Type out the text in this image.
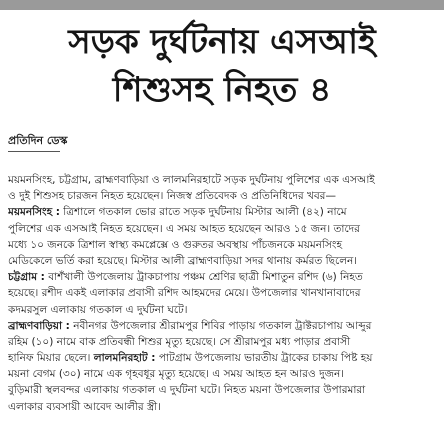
সড়ক দুর্ঘটনায় এসআই
শিশুসহ নিহত ৪
প্রতিদিন ডেস্ক
ময়মনসিংহ, চট্টগ্রাম, ব্রাহ্মণবাড়িয়া ও লালমনিরহাটে সড়ক দুর্ঘটনায় পুলিশের এক এসআই
ও দুই শিশুসহ চারজন নিহত হয়েছেন। নিজস্ব প্রতিবেদক ও প্রতিনিধিদের খবর—
ময়মনসিংহ : ত্রিশালে গতকাল ভোর রাতে সড়ক দুর্ঘটনায় মিস্টার আলী (৪২) নামে
পুলিশের এক এসআই নিহত হয়েছেন। এ সময় আহত হয়েছেন আরও ১৫ জন। তাদের
মধ্যে ১০ জনকে ত্রিশাল স্বাস্থ্য কমপ্লেক্সে ও গুরুতর অবস্থায় পাঁচজনকে ময়মনসিংহ
মেডিকেলে ভর্তি করা হয়েছে। মিস্টার আলী ব্রাহ্মণবাড়িয়া সদর থানায় কর্মরত ছিলেন।
চট্টগ্রাম : বাশঁখালী উপজেলায় ট্রাকচাপায় পঞ্চম শ্রেণির ছাত্রী মিশাতুন রশিদ (৬) নিহত
হয়েছে। রশীদ একই এলাকার প্রবাসী রশিদ আহমদের মেয়ে। উপজেলার খানখানাবাদের
কদমরসুল এলাকায় গতকাল এ দুর্ঘটনা ঘটে।
ব্রাহ্মণবাড়িয়া : নবীনগর উপজেলার শ্রীরামপুর শিবির পাড়ায় গতকাল ট্রাক্টরচাপায় আব্দুর
রহিম (১০) নামে বাক প্রতিবন্ধী শিশুর মৃত্যু হয়েছে। সে শ্রীরামপুর মধ্য পাড়ার প্রবাসী
হানিফ মিয়ার ছেলে। লালমনিরহাট : পাটগ্রাম উপজেলায় ভারতীয় ট্রাকের চাকায় পিষ্ট হয়
ময়না বেগম (৩০) নামে এক গৃহবধূর মৃত্যু হয়েছে। এ সময় আহত হন আরও দুজন।
বুড়িমারী স্থলবন্দর এলাকায় গতকাল এ দুর্ঘটনা ঘটে। নিহত ময়না উপজেলার উপারমারা
এলাকার ব্যবসায়ী আবেদ আলীর স্ত্রী।
